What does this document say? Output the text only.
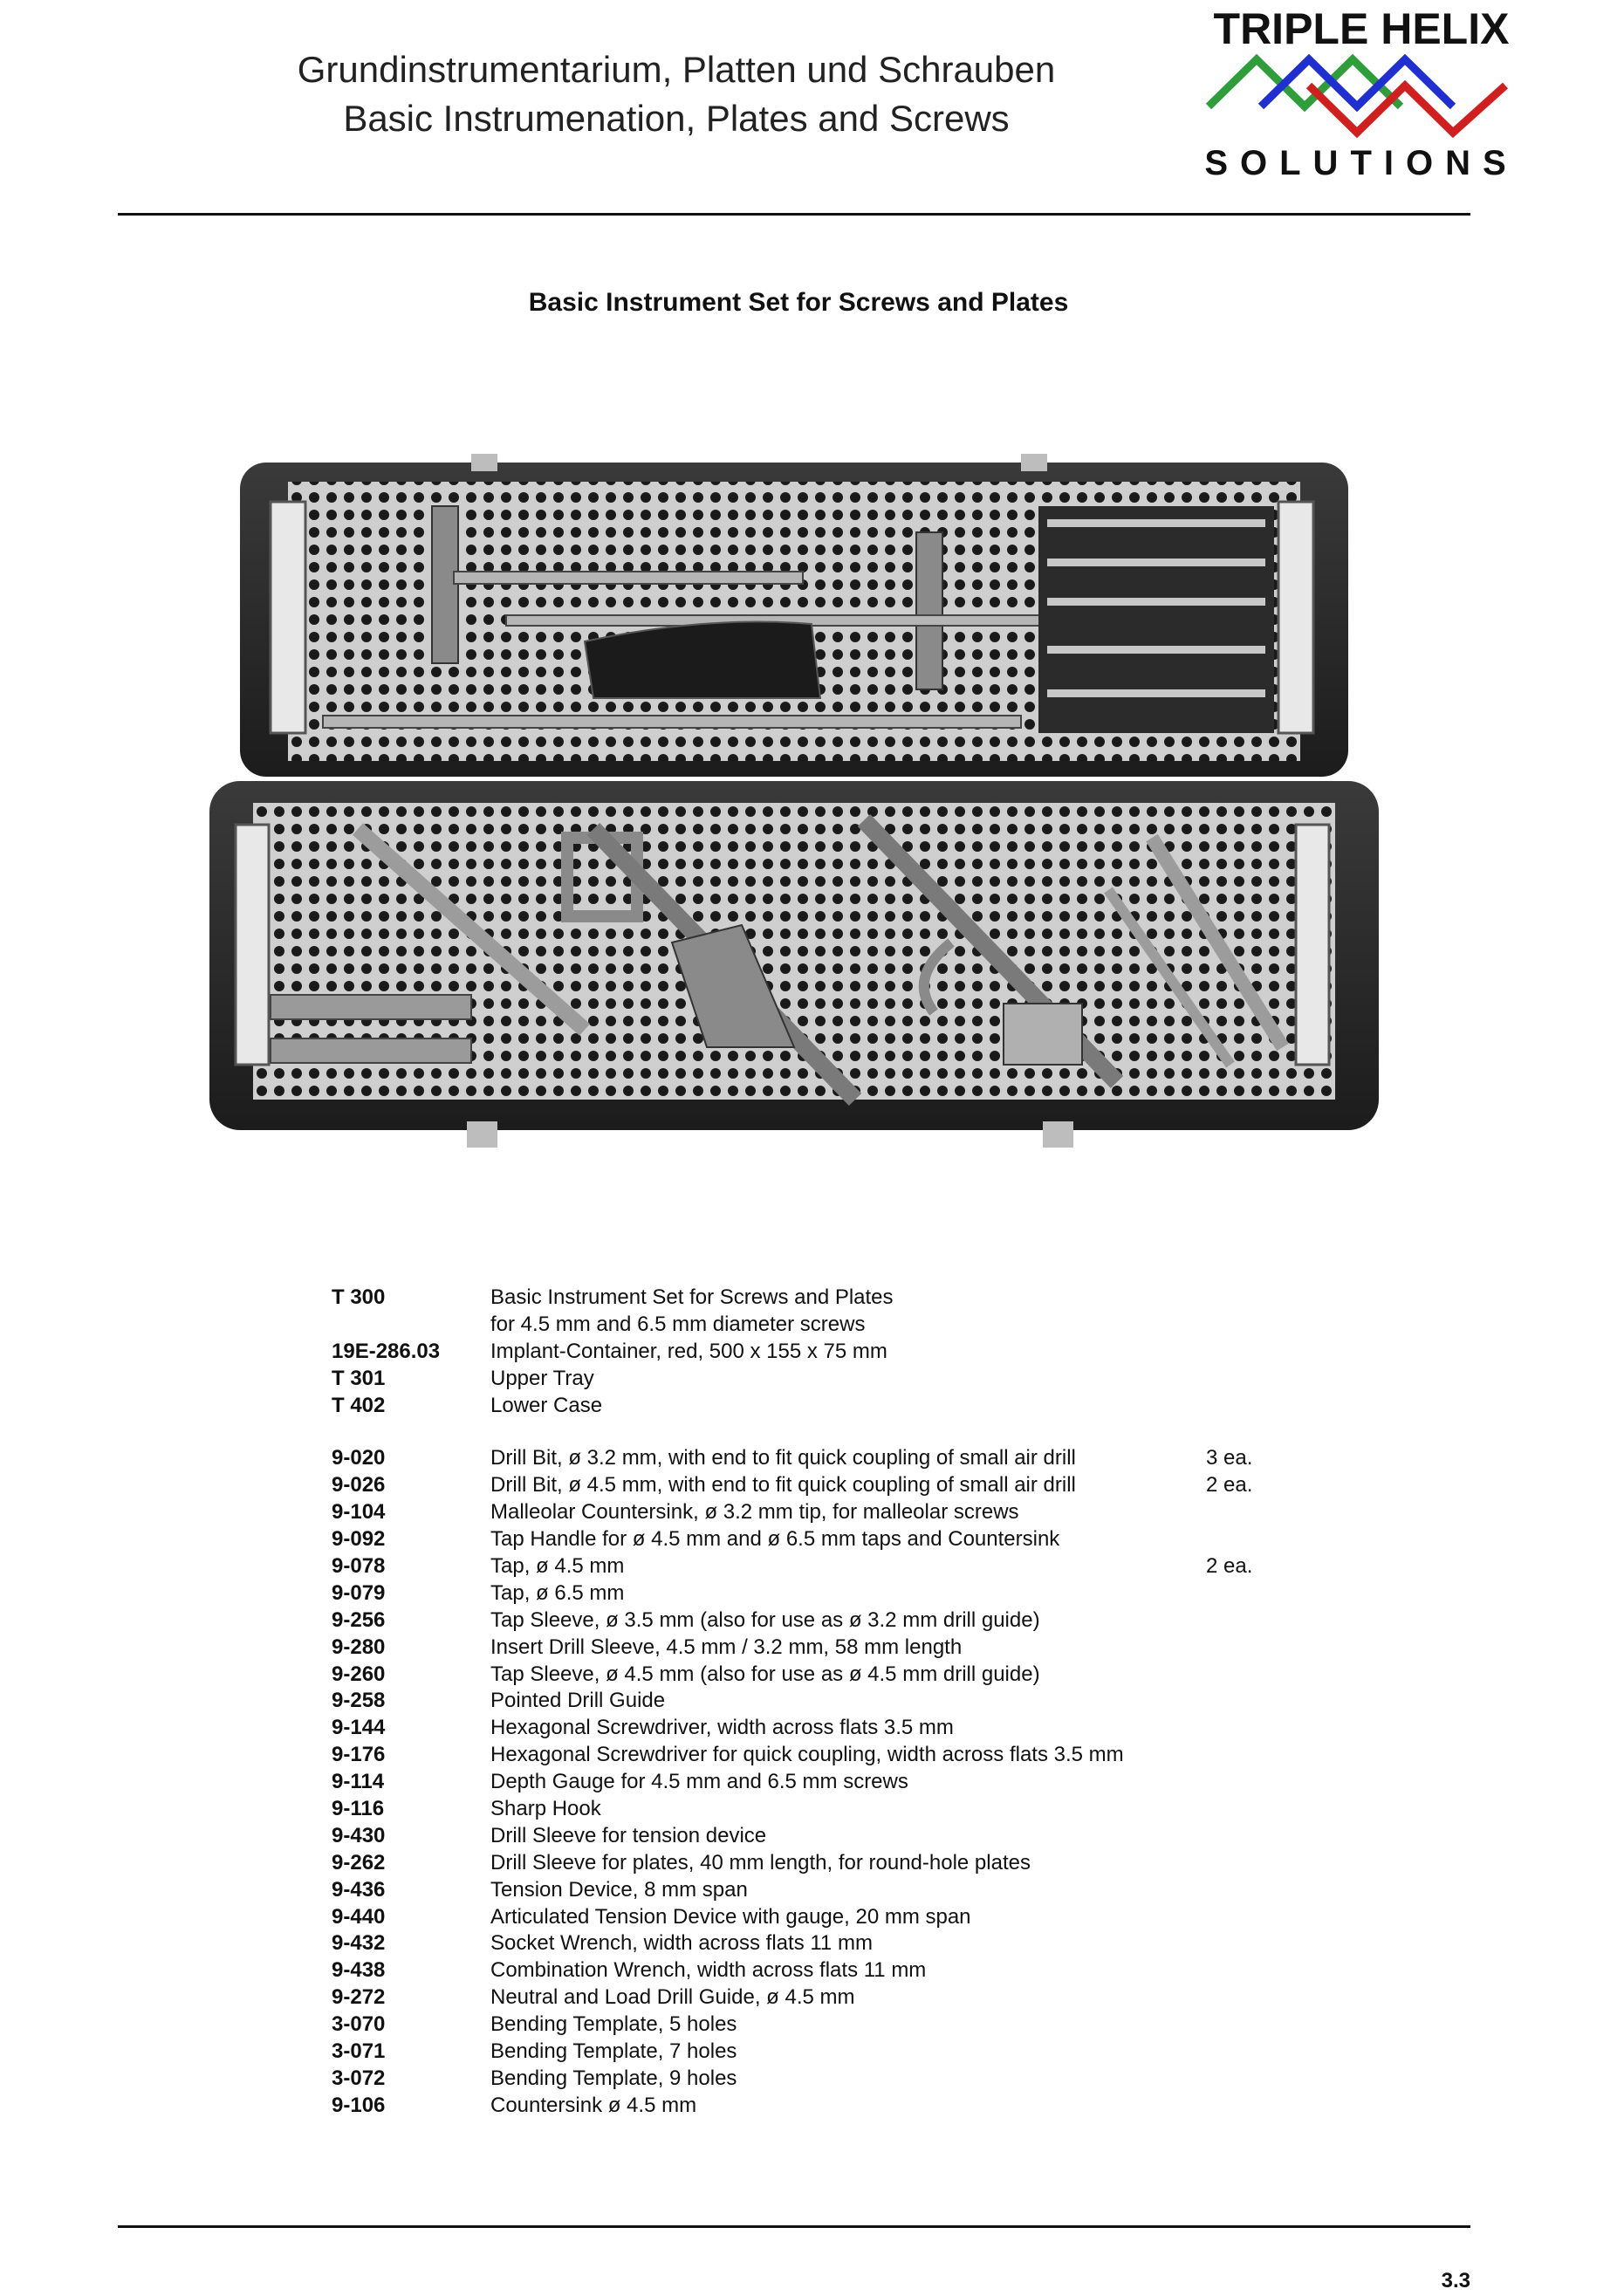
Grundinstrumentarium, Platten und Schrauben
Basic Instrumenation, Plates and Screws
TRIPLE HELIX
SOLUTIONS
Basic Instrument Set for Screws and Plates
T 300	Basic Instrument Set for Screws and Plates
for 4.5 mm and 6.5 mm diameter screws
19E-286.03	Implant-Container, red, 500 x 155 x 75 mm
T 301	Upper Tray
T 402	Lower Case
9-020	Drill Bit, ø 3.2 mm, with end to fit quick coupling of small air drill	3 ea.
9-026	Drill Bit, ø 4.5 mm, with end to fit quick coupling of small air drill	2 ea.
9-104	Malleolar Countersink, ø 3.2 mm tip, for malleolar screws
9-092	Tap Handle for ø 4.5 mm and ø 6.5 mm taps and Countersink
9-078	Tap, ø 4.5 mm	2 ea.
9-079	Tap, ø 6.5 mm
9-256	Tap Sleeve, ø 3.5 mm (also for use as ø 3.2 mm drill guide)
9-280	Insert Drill Sleeve, 4.5 mm / 3.2 mm, 58 mm length
9-260	Tap Sleeve, ø 4.5 mm (also for use as ø 4.5 mm drill guide)
9-258	Pointed Drill Guide
9-144	Hexagonal Screwdriver, width across flats 3.5 mm
9-176	Hexagonal Screwdriver for quick coupling, width across flats 3.5 mm
9-114	Depth Gauge for 4.5 mm and 6.5 mm screws
9-116	Sharp Hook
9-430	Drill Sleeve for tension device
9-262	Drill Sleeve for plates, 40 mm length, for round-hole plates
9-436	Tension Device, 8 mm span
9-440	Articulated Tension Device with gauge, 20 mm span
9-432	Socket Wrench, width across flats 11 mm
9-438	Combination Wrench, width across flats 11 mm
9-272	Neutral and Load Drill Guide, ø 4.5 mm
3-070	Bending Template, 5 holes
3-071	Bending Template, 7 holes
3-072	Bending Template, 9 holes
9-106	Countersink ø 4.5 mm
3.3
